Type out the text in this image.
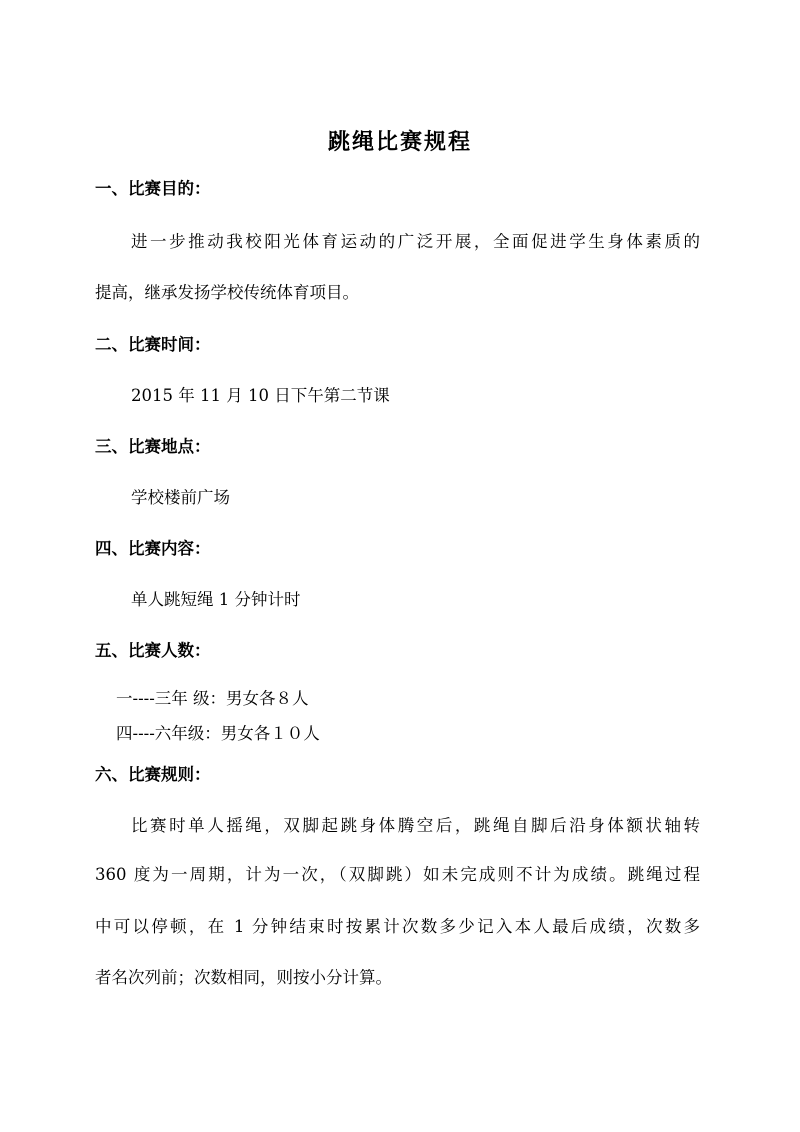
跳绳比赛规程
一、比赛目的：
进一步推动我校阳光体育运动的广泛开展，全面促进学生身体素质的
提高，继承发扬学校传统体育项目。
二、比赛时间：
2015 年 11 月 10 日下午第二节课
三、比赛地点：
学校楼前广场
四、比赛内容：
单人跳短绳 1 分钟计时
五、比赛人数：
一----三年 级：男女各８人
四----六年级：男女各１０人
六、比赛规则：
比赛时单人摇绳，双脚起跳身体腾空后，跳绳自脚后沿身体额状轴转
360 度为一周期，计为一次，（双脚跳）如未完成则不计为成绩。跳绳过程
中可以停顿，在 1 分钟结束时按累计次数多少记入本人最后成绩，次数多
者名次列前；次数相同，则按小分计算。
